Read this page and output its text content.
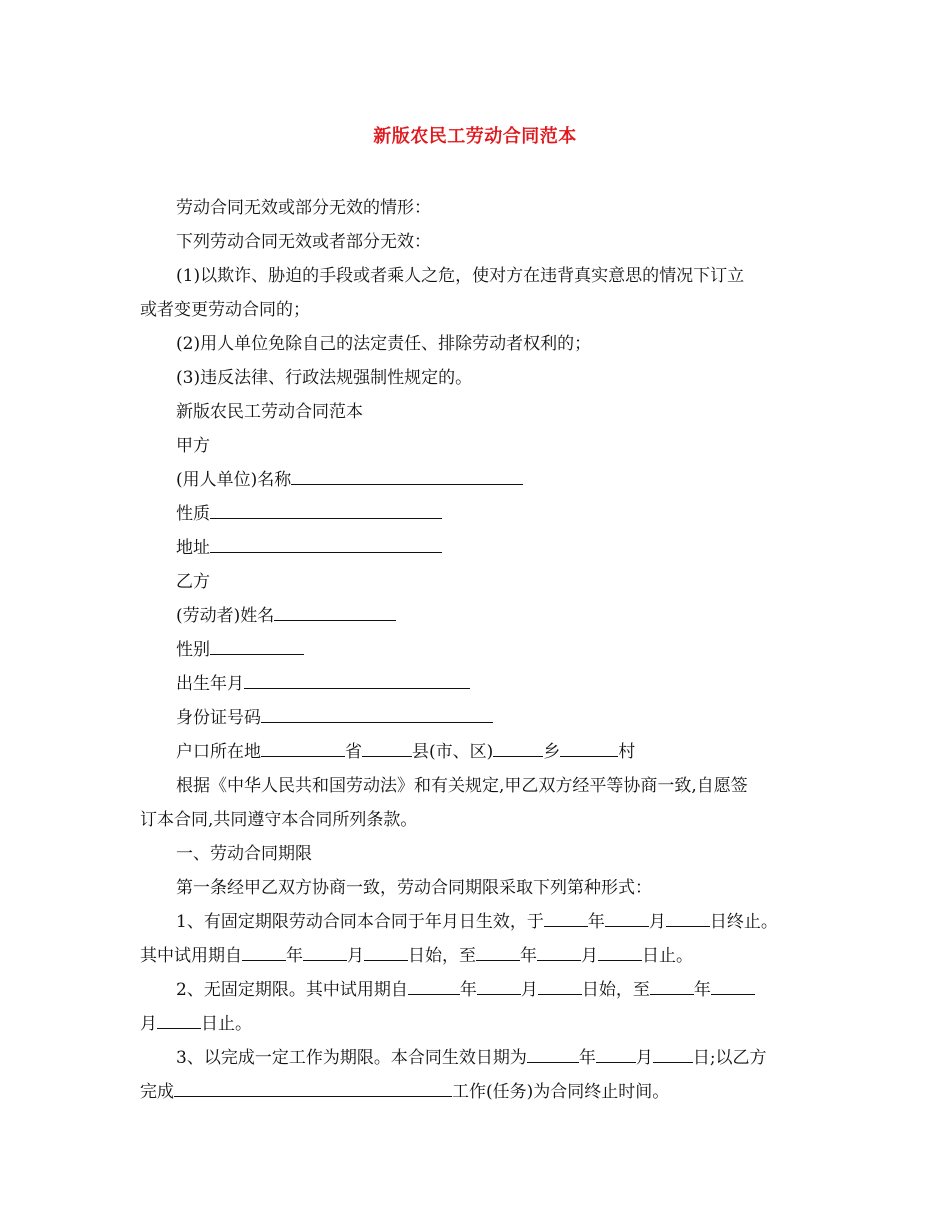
新版农民工劳动合同范本
劳动合同无效或部分无效的情形：
下列劳动合同无效或者部分无效：
(1)以欺诈、胁迫的手段或者乘人之危，使对方在违背真实意思的情况下订立
或者变更劳动合同的；
(2)用人单位免除自己的法定责任、排除劳动者权利的；
(3)违反法律、行政法规强制性规定的。
新版农民工劳动合同范本
甲方
(用人单位)名称
性质
地址
乙方
(劳动者)姓名
性别
出生年月
身份证号码
户口所在地	省	县(市、区)	乡	村
根据《中华人民共和国劳动法》和有关规定,甲乙双方经平等协商一致,自愿签
订本合同,共同遵守本合同所列条款。
一、劳动合同期限
第一条经甲乙双方协商一致，劳动合同期限采取下列第种形式：
1、有固定期限劳动合同本合同于年月日生效，于	年	月	日终止。
其中试用期自	年	月	日始，至	年	月	日止。
2、无固定期限。其中试用期自	年	月	日始，至	年
月	日止。
3、以完成一定工作为期限。本合同生效日期为	年 月 日;以乙方
完成	工作(任务)为合同终止时间。
